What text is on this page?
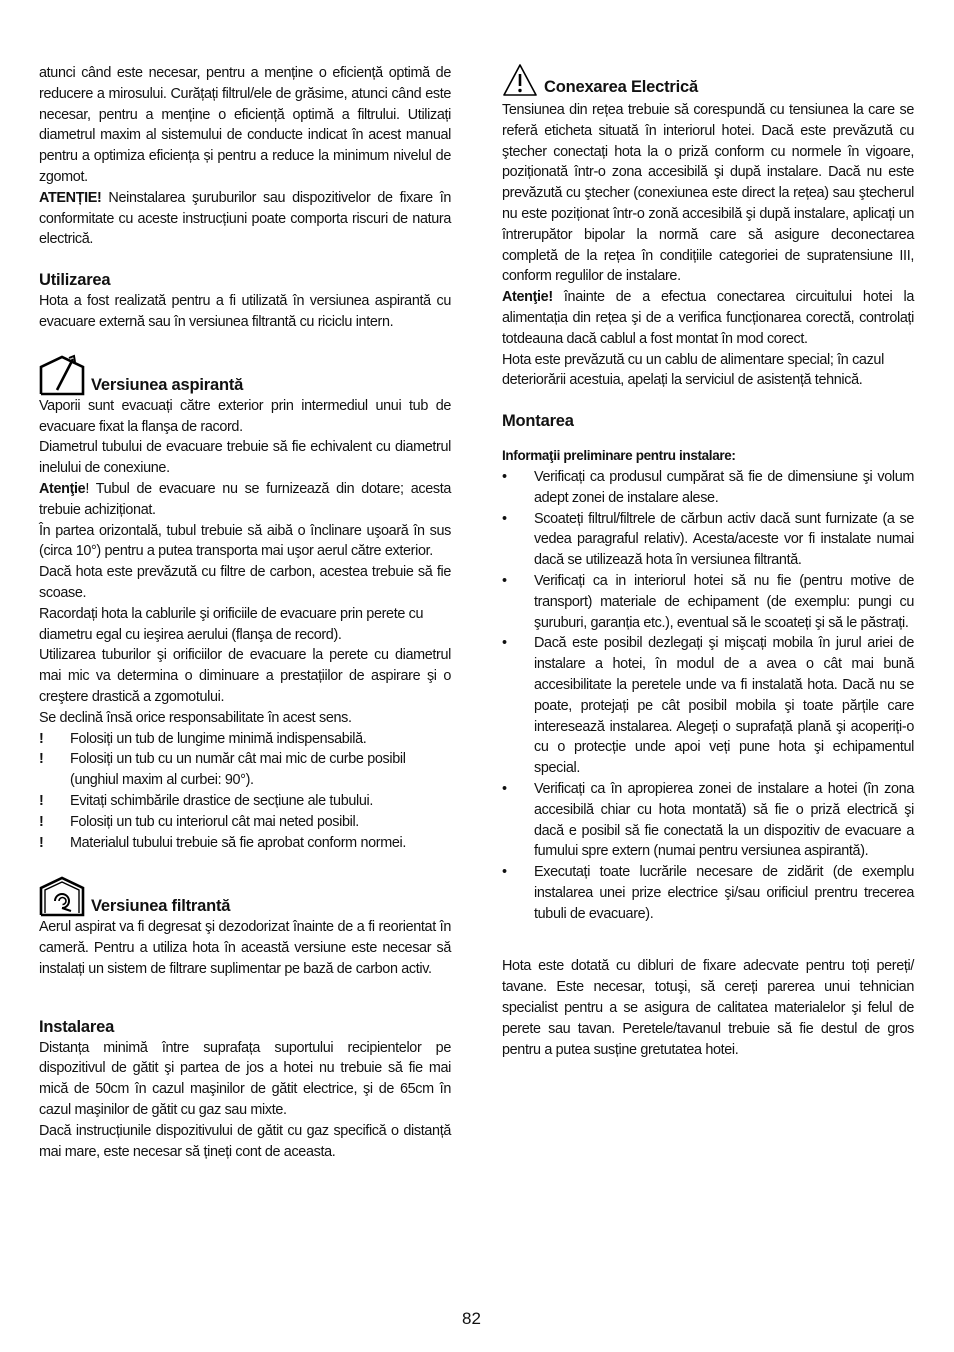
atunci când este necesar, pentru a menține o eficiență optimă de reducere a mirosului. Curățați filtrul/ele de grăsime, atunci când este necesar, pentru a menține o eficiență optimă a filtrului. Utilizați diametrul maxim al sistemului de conducte indicat în acest manual pentru a optimiza eficiența și pentru a reduce la minimum nivelul de zgomot.

ATENȚIE! Neinstalarea şuruburilor sau dispozitivelor de fixare în conformitate cu aceste instrucțiuni poate comporta riscuri de natura electrică.

Utilizarea

Hota a fost realizată pentru a fi utilizată în versiunea aspirantă cu evacuare externă sau în versiunea filtrantă cu riciclu intern.

Versiunea aspirantă

Vaporii sunt evacuați către exterior prin intermediul unui tub de evacuare fixat la flanşa de racord.

Diametrul tubului de evacuare trebuie să fie echivalent cu diametrul inelului de conexiune.

Atenţie! Tubul de evacuare nu se furnizează din dotare; acesta trebuie achiziționat.

În partea orizontală, tubul trebuie să aibă o înclinare uşoară în sus (circa 10°) pentru a putea transporta mai uşor aerul către exterior.

Dacă hota este prevăzută cu filtre de carbon, acestea trebuie să fie scoase.

Racordați hota la cablurile şi orificiile de evacuare prin perete cu diametru egal cu ieşirea aerului (flanşa de record).

Utilizarea tuburilor şi orificiilor de evacuare la perete cu diametrul mai mic va determina o diminuare a prestațiilor de aspirare şi o creştere drastică a zgomotului.

Se declină însă orice responsabilitate în acest sens.

! Folosiți un tub de lungime minimă indispensabilă.
! Folosiți un tub cu un număr cât mai mic de curbe posibil (unghiul maxim al curbei: 90°).
! Evitați schimbările drastice de secțiune ale tubului.
! Folosiți un tub cu interiorul cât mai neted posibil.
! Materialul tubului trebuie să fie aprobat conform normei.
Versiunea filtrantă

Aerul aspirat va fi degresat şi dezodorizat înainte de a fi reorientat în cameră. Pentru a utiliza hota în această versiune este necesar să instalați un sistem de filtrare suplimentar pe bază de carbon activ.

Instalarea

Distanța minimă între suprafața suportului recipientelor pe dispozitivul de gătit şi partea de jos a hotei nu trebuie să fie mai mică de 50cm în cazul maşinilor de gătit electrice, şi de 65cm în cazul maşinilor de gătit cu gaz sau mixte.

Dacă instrucțiunile dispozitivului de gătit cu gaz specifică o distanță mai mare, este necesar să țineți cont de aceasta.

Conexarea Electrică

Tensiunea din rețea trebuie să corespundă cu tensiunea la care se referă eticheta situată în interiorul hotei. Dacă este prevăzută cu ştecher conectați hota la o priză conform cu normele în vigoare, poziționată într-o zona accesibilă şi după instalare. Dacă nu este prevăzută cu ştecher (conexiunea este direct la rețea) sau ştecherul nu este poziționat într-o zonă accesibilă şi după instalare, aplicați un întrerupător bipolar la normă care să asigure deconectarea completă de la rețea în condițiile categoriei de supratensiune III, conform regulilor de instalare.

Atenţie! înainte de a efectua conectarea circuitului hotei la alimentația din rețea şi de a verifica funcționarea corectă, controlați totdeauna dacă cablul a fost montat în mod corect.

Hota este prevăzută cu un cablu de alimentare special; în cazul deteriorării acestuia, apelați la serviciul de asistență tehnică.

Montarea

Informaţii preliminare pentru instalare:

• Verificați ca produsul cumpărat să fie de dimensiune şi volum adept zonei de instalare alese.
• Scoateți filtrul/filtrele de cărbun activ dacă sunt furnizate (a se vedea paragraful relativ). Acesta/aceste vor fi instalate numai dacă se utilizează hota în versiunea filtrantă.
• Verificați ca in interiorul hotei să nu fie (pentru motive de transport) materiale de echipament (de exemplu: pungi cu şuruburi, garanția etc.), eventual să le scoateți şi să le păstrați.
• Dacă este posibil dezlegați şi mişcați mobila în jurul ariei de instalare a hotei, în modul de a avea o cât mai bună accesibilitate la peretele unde va fi instalată hota. Dacă nu se poate, protejați pe cât posibil mobila şi toate părțile care interesează instalarea. Alegeți o suprafață plană şi acoperiți-o cu o protecție unde apoi veți pune hota şi echipamentul special.
• Verificați ca în apropierea zonei de instalare a hotei (în zona accesibilă chiar cu hota montată) să fie o priză electrică şi dacă e posibil să fie conectată la un dispozitiv de evacuare a fumului spre extern (numai pentru versiunea aspirantă).
• Executați toate lucrările necesare de zidărit (de exemplu instalarea unei prize electrice şi/sau orificiul prentru trecerea tubuli de evacuare).

Hota este dotată cu dibluri de fixare adecvate pentru toți pereți/ tavane. Este necesar, totuşi, să cereți parerea unui tehnician specialist pentru a se asigura de calitatea materialelor şi felul de perete sau tavan. Peretele/tavanul trebuie să fie destul de gros pentru a putea susține gretutatea hotei.

82
